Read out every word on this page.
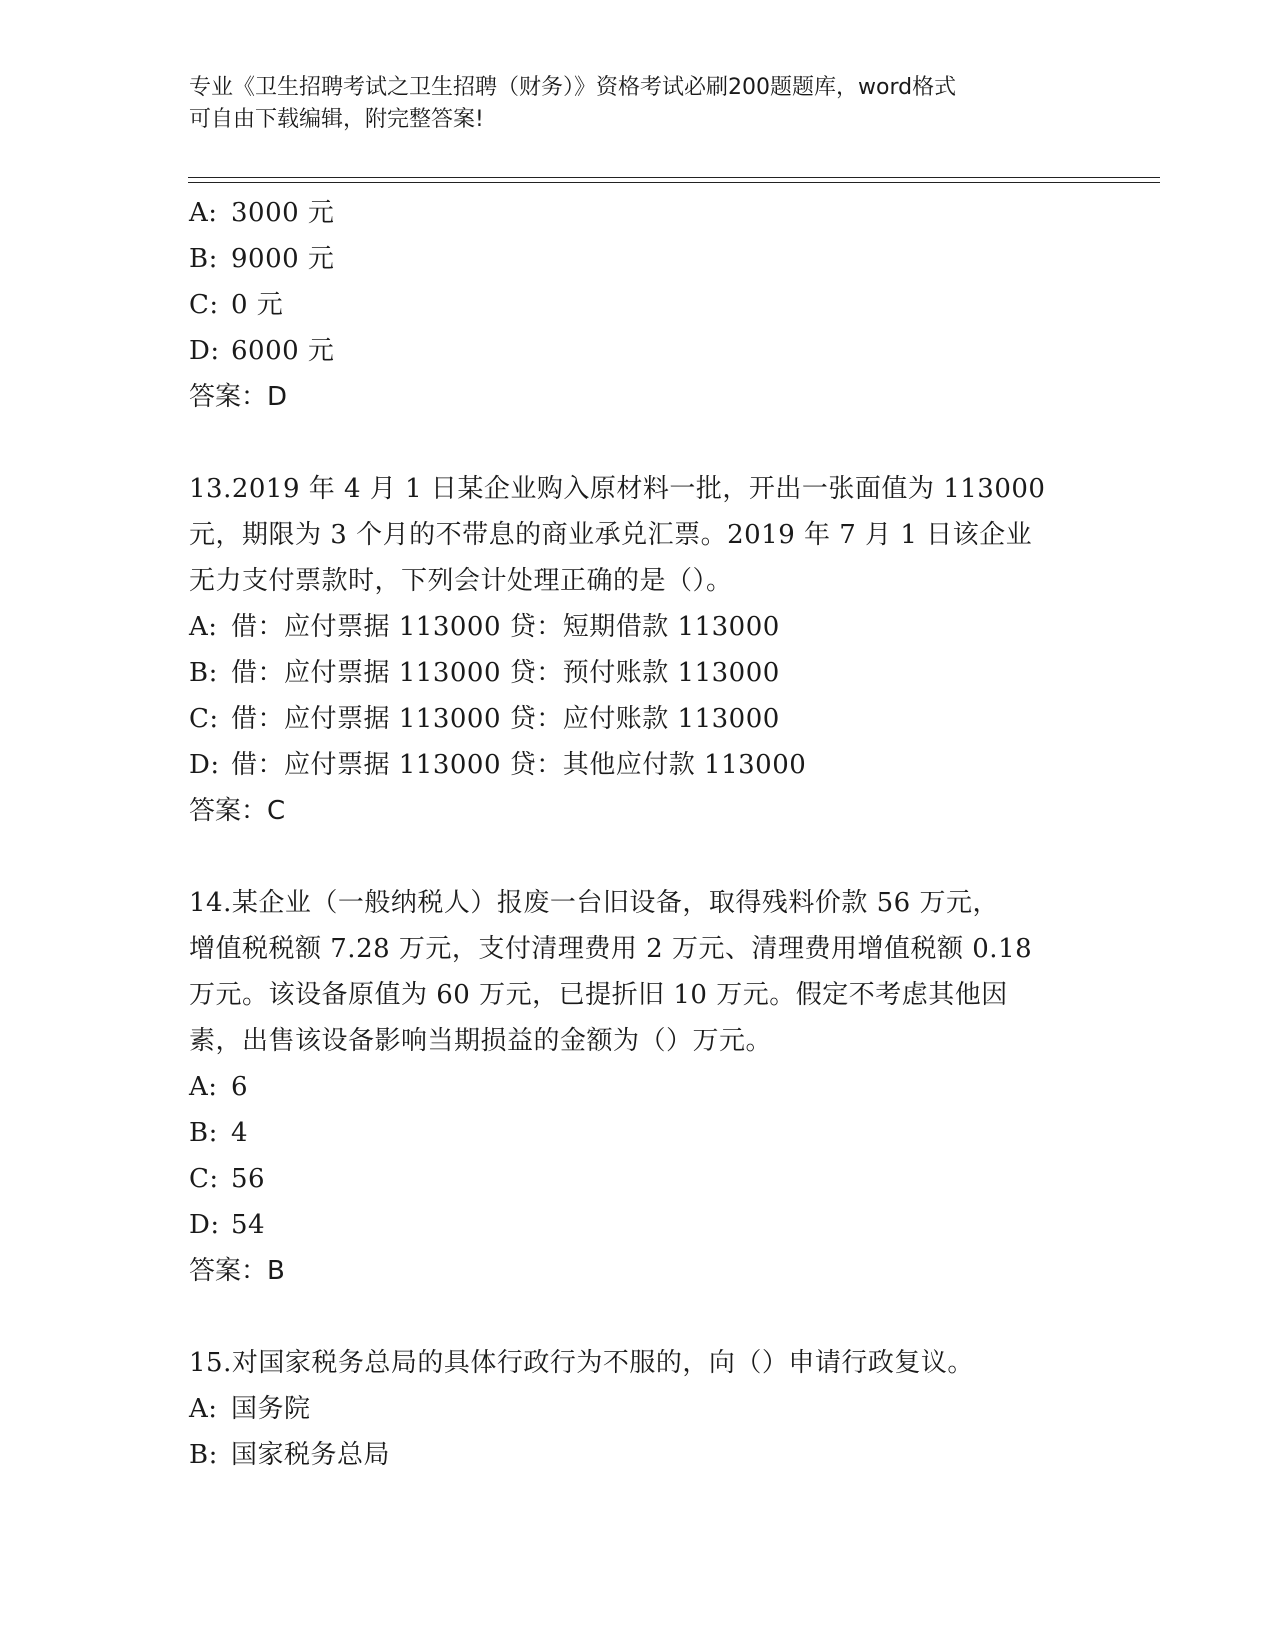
专业《卫生招聘考试之卫生招聘（财务）》资格考试必刷200题题库，word格式
可自由下载编辑，附完整答案!
A: 3000 元
B: 9000 元
C: 0 元
D: 6000 元
答案：D
13.2019 年 4 月 1 日某企业购入原材料一批，开出一张面值为 113000
元，期限为 3 个月的不带息的商业承兑汇票。2019 年 7 月 1 日该企业
无力支付票款时，下列会计处理正确的是（）。
A: 借：应付票据 113000 贷：短期借款 113000
B: 借：应付票据 113000 贷：预付账款 113000
C: 借：应付票据 113000 贷：应付账款 113000
D: 借：应付票据 113000 贷：其他应付款 113000
答案：C
14.某企业（一般纳税人）报废一台旧设备，取得残料价款 56 万元，
增值税税额 7.28 万元，支付清理费用 2 万元、清理费用增值税额 0.18
万元。该设备原值为 60 万元，已提折旧 10 万元。假定不考虑其他因
素，出售该设备影响当期损益的金额为（）万元。
A: 6
B: 4
C: 56
D: 54
答案：B
15.对国家税务总局的具体行政行为不服的，向（）申请行政复议。
A: 国务院
B: 国家税务总局
